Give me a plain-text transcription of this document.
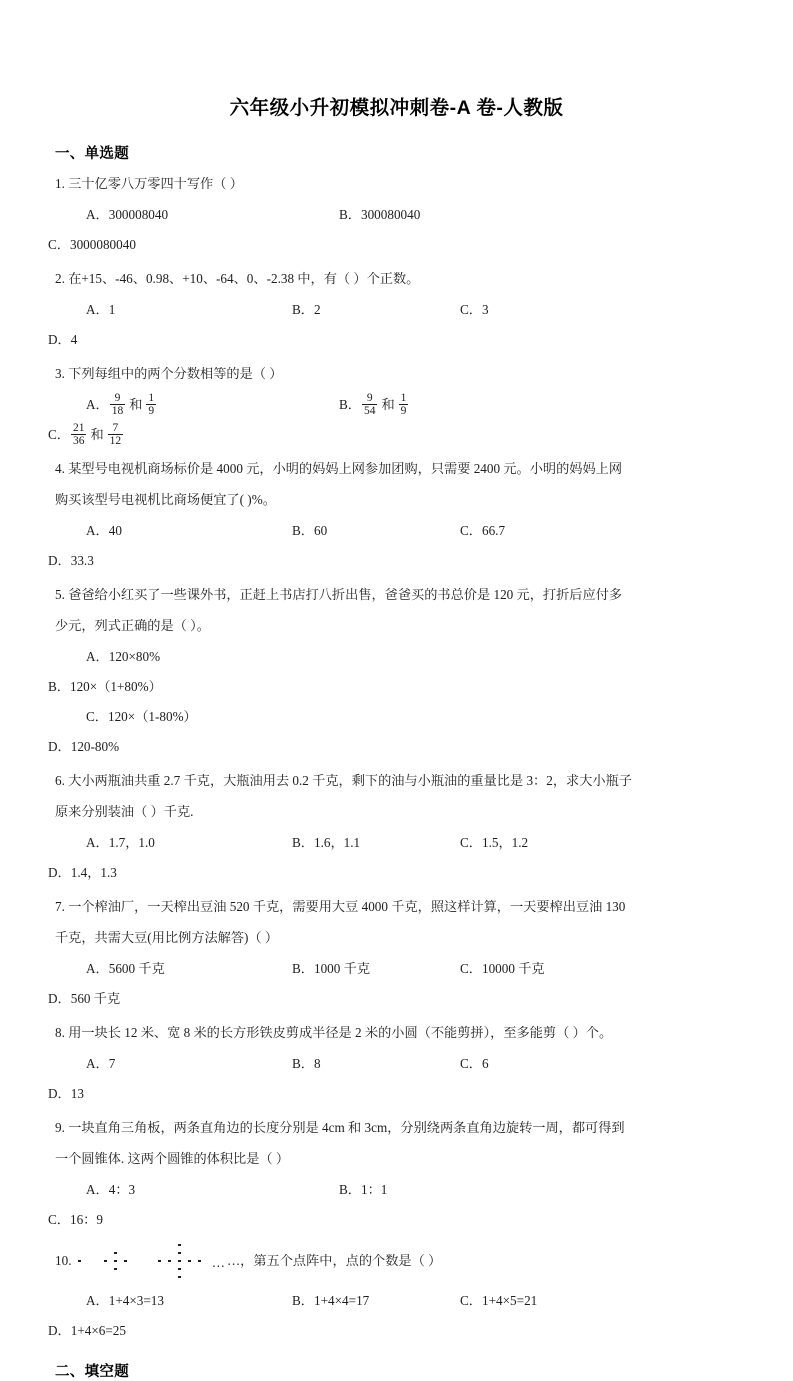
六年级小升初模拟冲刺卷-A 卷-人教版
一、单选题

1. 三十亿零八万零四十写作（ ）

A．300008040	B．300080040C．3000080040

2. 在+15、-46、0.98、+10、-64、0、-2.38 中，有（ ）个正数。

A．1	B．2	C．3D．4

3. 下列每组中的两个分数相等的是（ ）

A． $\frac{9}{18}$ 和 $\frac{1}{9}$	B． $\frac{9}{54}$ 和 $\frac{1}{9}$
C． $\frac{21}{36}$ 和 $\frac{7}{12}$

4. 某型号电视机商场标价是 4000 元，小明的妈妈上网参加团购，只需要 2400 元。小明的妈妈上网

购买该型号电视机比商场便宜了( )%。

A．40	B．60	C．66.7D．33.3

5. 爸爸给小红买了一些课外书，正赶上书店打八折出售，爸爸买的书总价是 120 元，打折后应付多

少元，列式正确的是（ ）。

A．120×80%B．120×（1+80%）
C．120×（1-80%）D．120-80%

6. 大小两瓶油共重 2.7 千克，大瓶油用去 0.2 千克，剩下的油与小瓶油的重量比是 3：2，求大小瓶子

原来分别装油（ ）千克.

A．1.7，1.0	B．1.6，1.1	C．1.5，1.2D．1.4，1.3

7. 一个榨油厂，一天榨出豆油 520 千克，需要用大豆 4000 千克，照这样计算，一天要榨出豆油 130

千克，共需大豆(用比例方法解答)（ ）

A．5600 千克	B．1000 千克	C．10000 千克D．560 千克

8. 用一块长 12 米、宽 8 米的长方形铁皮剪成半径是 2 米的小圆（不能剪拼），至多能剪（ ）个。

A．7	B．8	C．6D．13

9. 一块直角三角板，两条直角边的长度分别是 4cm 和 3cm，分别绕两条直角边旋转一周，都可得到

一个圆锥体. 这两个圆锥的体积比是（ ）

A．4：3	B．1：1C．16：9

10.	……，第五个点阵中，点的个数是（ ）

A．1+4×3=13	B．1+4×4=17	C．1+4×5=21D．1+4×6=25
二、填空题
